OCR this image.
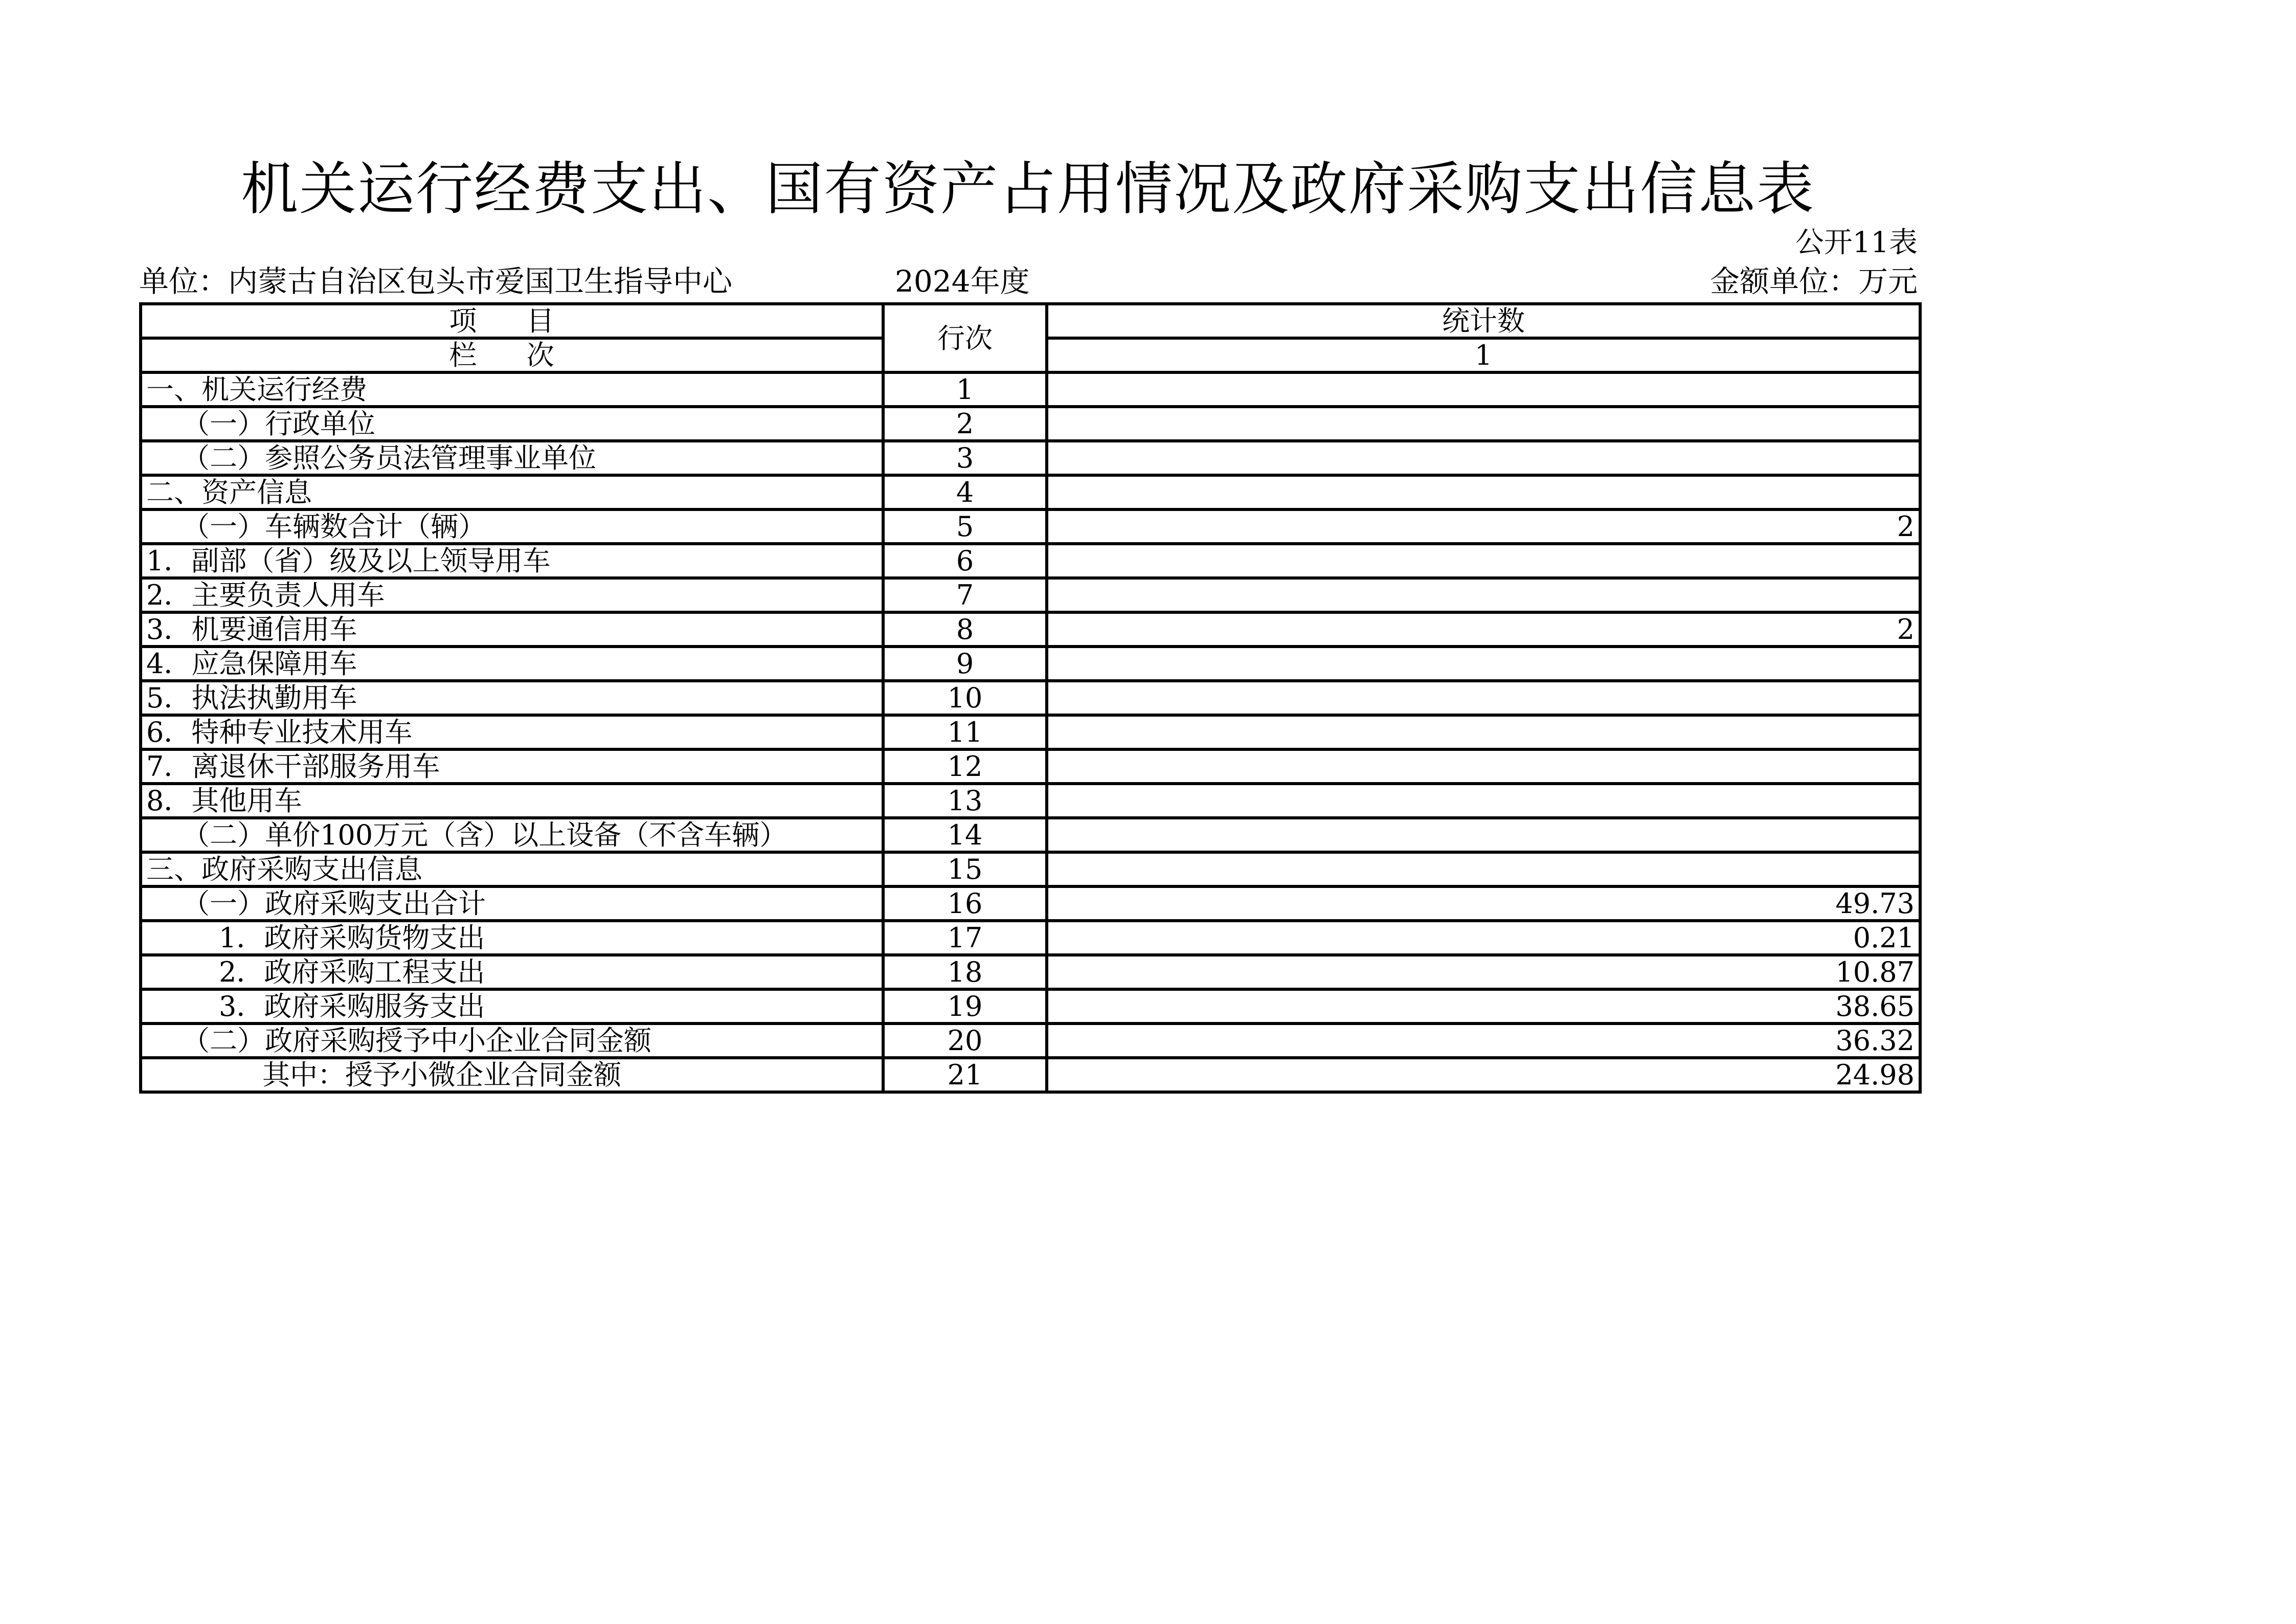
机关运行经费支出、国有资产占用情况及政府采购支出信息表
公开11表
单位：内蒙古自治区包头市爱国卫生指导中心	2024年度	金额单位：万元
项 目	行次	统计数
栏 次		1
一、机关运行经费	1	
（一）行政单位	2	
（二）参照公务员法管理事业单位	3	
二、资产信息	4	
（一）车辆数合计（辆）	5	2
1．副部（省）级及以上领导用车	6	
2．主要负责人用车	7	
3．机要通信用车	8	2
4．应急保障用车	9	
5．执法执勤用车	10	
6．特种专业技术用车	11	
7．离退休干部服务用车	12	
8．其他用车	13	
（二）单价100万元（含）以上设备（不含车辆）	14	
三、政府采购支出信息	15	
（一）政府采购支出合计	16	49.73
1．政府采购货物支出	17	0.21
2．政府采购工程支出	18	10.87
3．政府采购服务支出	19	38.65
（二）政府采购授予中小企业合同金额	20	36.32
其中：授予小微企业合同金额	21	24.98
